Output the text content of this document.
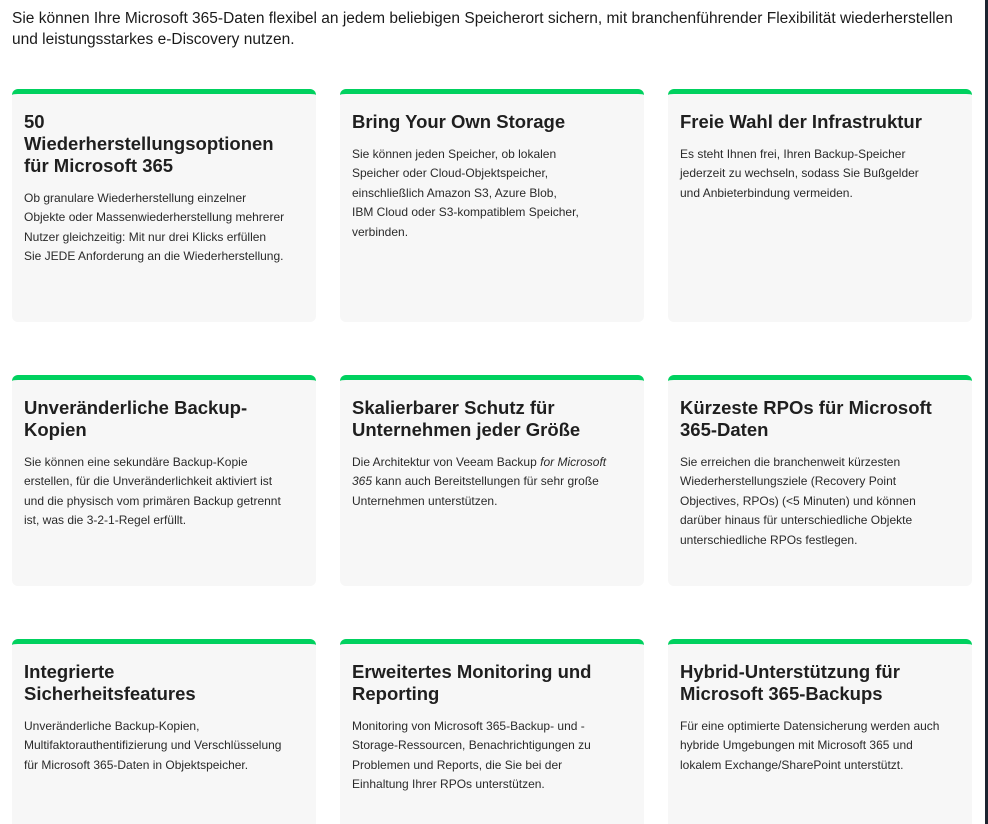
Sie können Ihre Microsoft 365-Daten flexibel an jedem beliebigen Speicherort sichern, mit branchenführender Flexibilität wiederherstellen und leistungsstarkes e-Discovery nutzen.

50 Wiederherstellungsoptionen für Microsoft 365

Ob granulare Wiederherstellung einzelner Objekte oder Massenwiederherstellung mehrerer Nutzer gleichzeitig: Mit nur drei Klicks erfüllen Sie JEDE Anforderung an die Wiederherstellung.

Bring Your Own Storage

Sie können jeden Speicher, ob lokalen Speicher oder Cloud-Objektspeicher, einschließlich Amazon S3, Azure Blob, IBM Cloud oder S3-kompatiblem Speicher, verbinden.

Freie Wahl der Infrastruktur

Es steht Ihnen frei, Ihren Backup-Speicher jederzeit zu wechseln, sodass Sie Bußgelder und Anbieterbindung vermeiden.

Unveränderliche Backup-Kopien

Sie können eine sekundäre Backup-Kopie erstellen, für die Unveränderlichkeit aktiviert ist und die physisch vom primären Backup getrennt ist, was die 3-2-1-Regel erfüllt.

Skalierbarer Schutz für Unternehmen jeder Größe

Die Architektur von Veeam Backup for Microsoft 365 kann auch Bereitstellungen für sehr große Unternehmen unterstützen.

Kürzeste RPOs für Microsoft 365-Daten

Sie erreichen die branchenweit kürzesten Wiederherstellungsziele (Recovery Point Objectives, RPOs) (<5 Minuten) und können darüber hinaus für unterschiedliche Objekte unterschiedliche RPOs festlegen.

Integrierte Sicherheitsfeatures

Unveränderliche Backup-Kopien, Multifaktorauthentifizierung und Verschlüsselung für Microsoft 365-Daten in Objektspeicher.

Erweitertes Monitoring und Reporting

Monitoring von Microsoft 365-Backup- und -Storage-Ressourcen, Benachrichtigungen zu Problemen und Reports, die Sie bei der Einhaltung Ihrer RPOs unterstützen.

Hybrid-Unterstützung für Microsoft 365-Backups

Für eine optimierte Datensicherung werden auch hybride Umgebungen mit Microsoft 365 und lokalem Exchange/SharePoint unterstützt.
